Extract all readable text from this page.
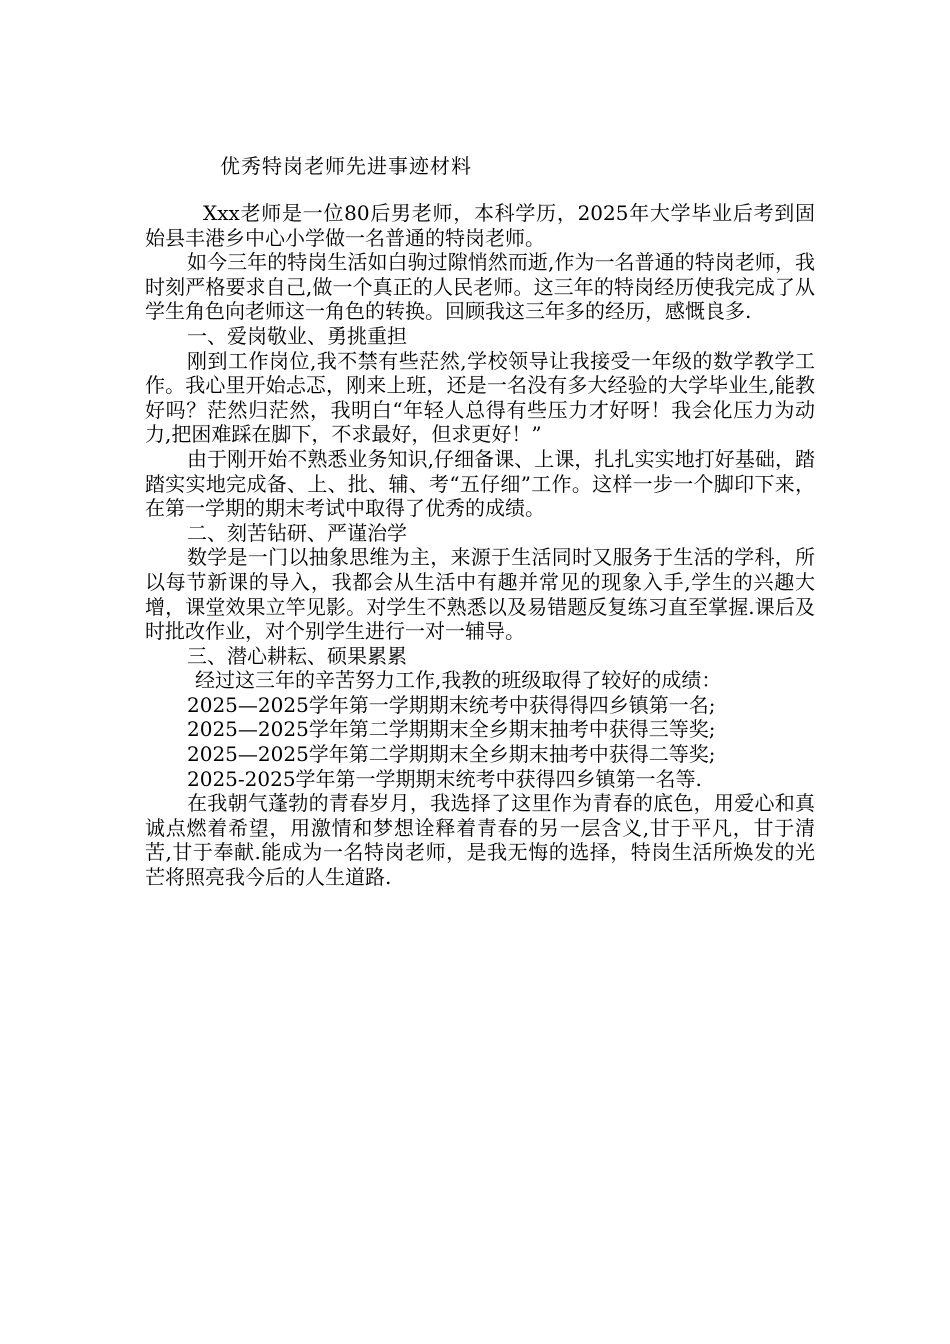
优秀特岗老师先进事迹材料

Xxx老师是一位80后男老师，本科学历，2025年大学毕业后考到固始县丰港乡中心小学做一名普通的特岗老师。

如今三年的特岗生活如白驹过隙悄然而逝,作为一名普通的特岗老师，我时刻严格要求自己,做一个真正的人民老师。这三年的特岗经历使我完成了从学生角色向老师这一角色的转换。回顾我这三年多的经历，感慨良多.

一、爱岗敬业、勇挑重担

刚到工作岗位,我不禁有些茫然,学校领导让我接受一年级的数学教学工作。我心里开始忐忑，刚来上班，还是一名没有多大经验的大学毕业生,能教好吗？茫然归茫然，我明白“年轻人总得有些压力才好呀！我会化压力为动力,把困难踩在脚下，不求最好，但求更好！”

由于刚开始不熟悉业务知识,仔细备课、上课，扎扎实实地打好基础，踏踏实实地完成备、上、批、辅、考“五仔细”工作。这样一步一个脚印下来，在第一学期的期末考试中取得了优秀的成绩。

二、刻苦钻研、严谨治学

数学是一门以抽象思维为主，来源于生活同时又服务于生活的学科，所以每节新课的导入，我都会从生活中有趣并常见的现象入手,学生的兴趣大增，课堂效果立竿见影。对学生不熟悉以及易错题反复练习直至掌握.课后及时批改作业，对个别学生进行一对一辅导。

三、潜心耕耘、硕果累累

经过这三年的辛苦努力工作,我教的班级取得了较好的成绩：

2025—2025学年第一学期期末统考中获得得四乡镇第一名;

2025—2025学年第二学期期末全乡期末抽考中获得三等奖;

2025—2025学年第二学期期末全乡期末抽考中获得二等奖;

2025-2025学年第一学期期末统考中获得四乡镇第一名等.

在我朝气蓬勃的青春岁月，我选择了这里作为青春的底色，用爱心和真诚点燃着希望，用激情和梦想诠释着青春的另一层含义,甘于平凡，甘于清苦,甘于奉献.能成为一名特岗老师，是我无悔的选择，特岗生活所焕发的光芒将照亮我今后的人生道路.
